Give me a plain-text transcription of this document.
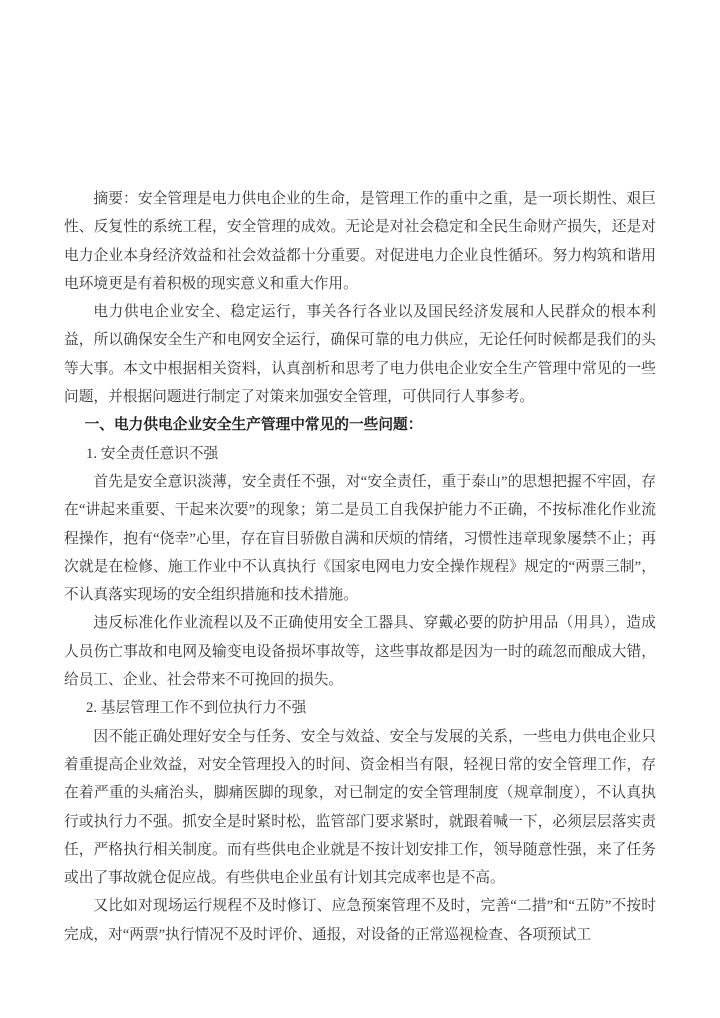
摘要：安全管理是电力供电企业的生命，是管理工作的重中之重，是一项长期性、艰巨性、反复性的系统工程，安全管理的成效。无论是对社会稳定和全民生命财产损失，还是对电力企业本身经济效益和社会效益都十分重要。对促进电力企业良性循环。努力构筑和谐用电环境更是有着积极的现实意义和重大作用。

电力供电企业安全、稳定运行，事关各行各业以及国民经济发展和人民群众的根本利益，所以确保安全生产和电网安全运行，确保可靠的电力供应，无论任何时候都是我们的头等大事。本文中根据相关资料，认真剖析和思考了电力供电企业安全生产管理中常见的一些问题，并根据问题进行制定了对策来加强安全管理，可供同行人事参考。

一、电力供电企业安全生产管理中常见的一些问题：

1. 安全责任意识不强

首先是安全意识淡薄，安全责任不强，对“安全责任，重于泰山”的思想把握不牢固，存在“讲起来重要、干起来次要”的现象；第二是员工自我保护能力不正确，不按标准化作业流程操作，抱有“侥幸”心里，存在盲目骄傲自满和厌烦的情绪，习惯性违章现象屡禁不止；再次就是在检修、施工作业中不认真执行《国家电网电力安全操作规程》规定的“两票三制”，不认真落实现场的安全组织措施和技术措施。

违反标准化作业流程以及不正确使用安全工器具、穿戴必要的防护用品（用具），造成人员伤亡事故和电网及输变电设备损坏事故等，这些事故都是因为一时的疏忽而酿成大错，给员工、企业、社会带来不可挽回的损失。

2. 基层管理工作不到位执行力不强

因不能正确处理好安全与任务、安全与效益、安全与发展的关系，一些电力供电企业只着重提高企业效益，对安全管理投入的时间、资金相当有限，轻视日常的安全管理工作，存在着严重的头痛治头，脚痛医脚的现象，对已制定的安全管理制度（规章制度），不认真执行或执行力不强。抓安全是时紧时松，监管部门要求紧时，就跟着喊一下，必须层层落实责任，严格执行相关制度。而有些供电企业就是不按计划安排工作，领导随意性强，来了任务或出了事故就仓促应战。有些供电企业虽有计划其完成率也是不高。

又比如对现场运行规程不及时修订、应急预案管理不及时，完善“二措”和“五防”不按时完成，对“两票”执行情况不及时评价、通报，对设备的正常巡视检查、各项预试工
